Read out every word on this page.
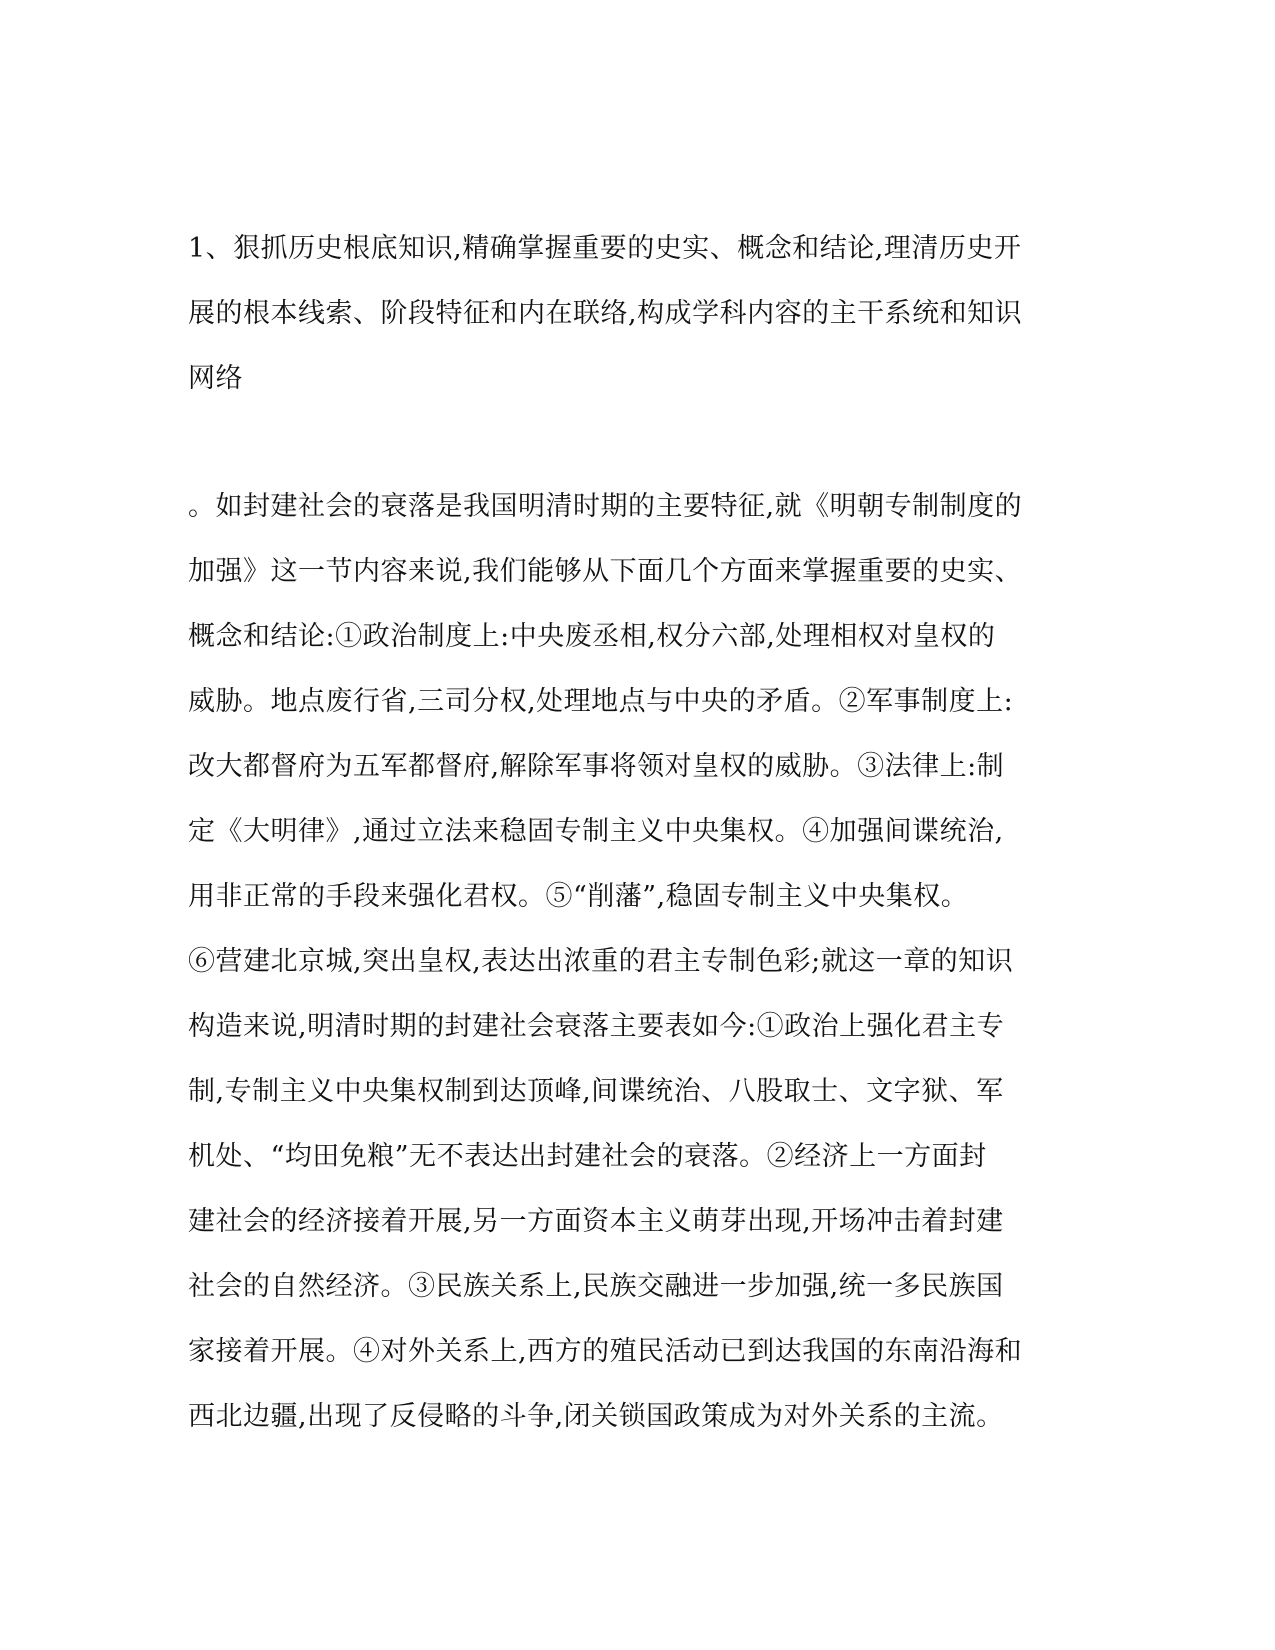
1、狠抓历史根底知识,精确掌握重要的史实、概念和结论,理清历史开
展的根本线索、阶段特征和内在联络,构成学科内容的主干系统和知识
网络
。如封建社会的衰落是我国明清时期的主要特征,就《明朝专制制度的
加强》这一节内容来说,我们能够从下面几个方面来掌握重要的史实、
概念和结论:①政治制度上:中央废丞相,权分六部,处理相权对皇权的
威胁。地点废行省,三司分权,处理地点与中央的矛盾。②军事制度上:
改大都督府为五军都督府,解除军事将领对皇权的威胁。③法律上:制
定《大明律》,通过立法来稳固专制主义中央集权。④加强间谍统治,
用非正常的手段来强化君权。⑤“削藩”,稳固专制主义中央集权。
⑥营建北京城,突出皇权,表达出浓重的君主专制色彩;就这一章的知识
构造来说,明清时期的封建社会衰落主要表如今:①政治上强化君主专
制,专制主义中央集权制到达顶峰,间谍统治、八股取士、文字狱、军
机处、“均田免粮”无不表达出封建社会的衰落。②经济上一方面封
建社会的经济接着开展,另一方面资本主义萌芽出现,开场冲击着封建
社会的自然经济。③民族关系上,民族交融进一步加强,统一多民族国
家接着开展。④对外关系上,西方的殖民活动已到达我国的东南沿海和
西北边疆,出现了反侵略的斗争,闭关锁国政策成为对外关系的主流。
